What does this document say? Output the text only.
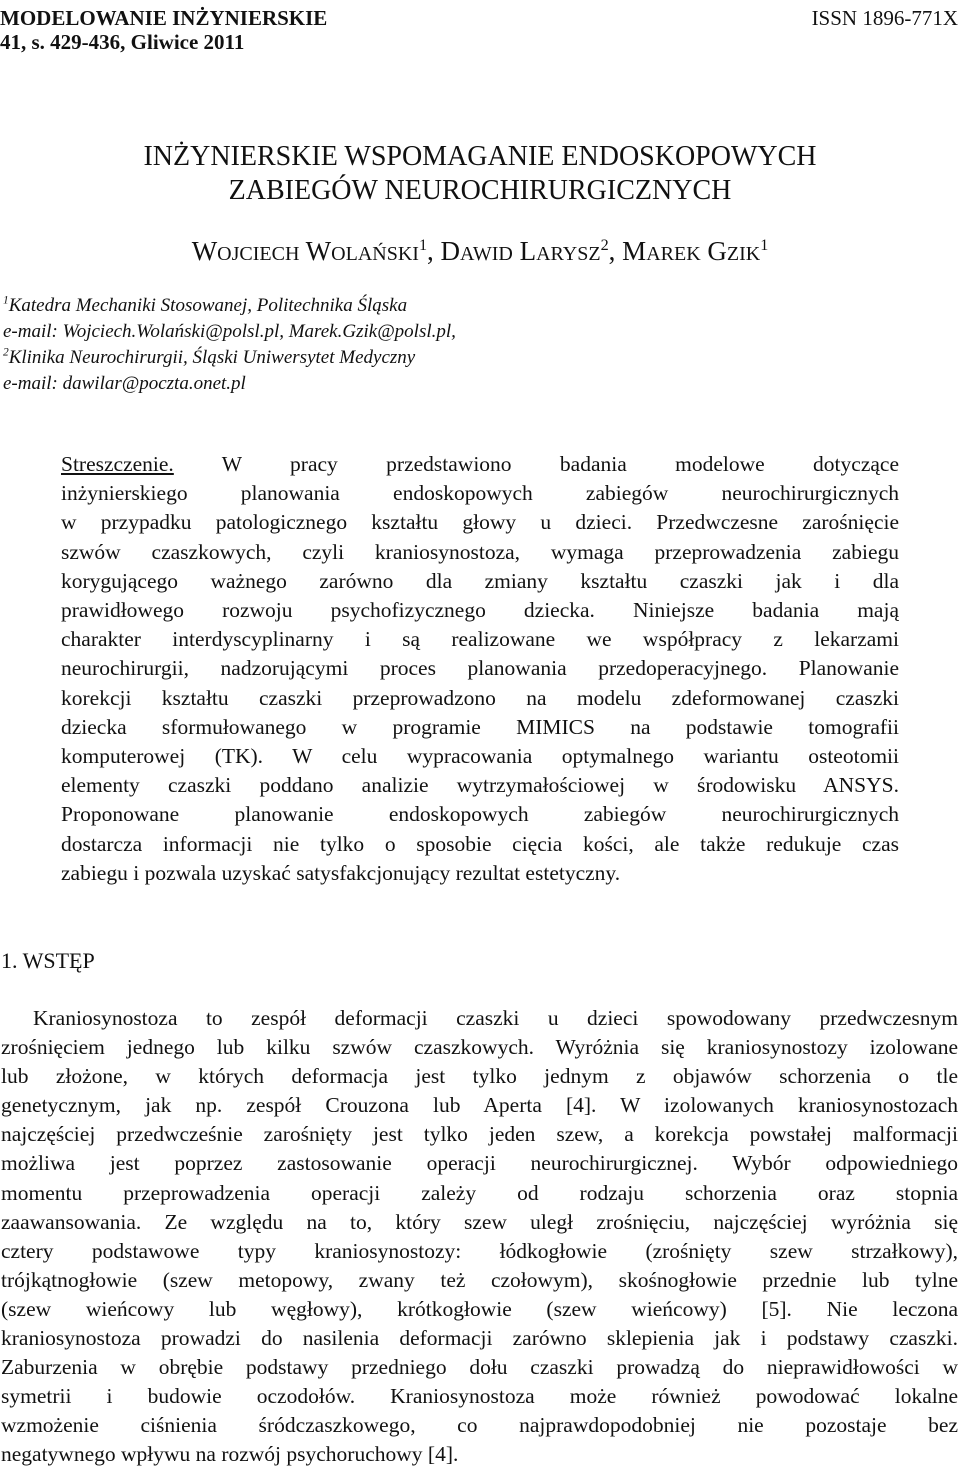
MODELOWANIE INŻYNIERSKIE
41, s. 429-436, Gliwice 2011
ISSN 1896-771X
INŻYNIERSKIE WSPOMAGANIE ENDOSKOPOWYCH
ZABIEGÓW NEUROCHIRURGICZNYCH
WOJCIECH WOLAŃSKI$^1$, DAWID LARYSZ$^2$, MAREK GZIK$^1$
$^1$Katedra Mechaniki Stosowanej, Politechnika Śląska
e-mail: Wojciech.Wolański@polsl.pl, Marek.Gzik@polsl.pl,
$^2$Klinika Neurochirurgii, Śląski Uniwersytet Medyczny
e-mail: dawilar@poczta.onet.pl
Streszczenie. W pracy przedstawiono badania modelowe dotyczące
inżynierskiego planowania endoskopowych zabiegów neurochirurgicznych
w przypadku patologicznego kształtu głowy u dzieci. Przedwczesne zarośnięcie
szwów czaszkowych, czyli kraniosynostoza, wymaga przeprowadzenia zabiegu
korygującego ważnego zarówno dla zmiany kształtu czaszki jak i dla
prawidłowego rozwoju psychofizycznego dziecka. Niniejsze badania mają
charakter interdyscyplinarny i są realizowane we współpracy z lekarzami
neurochirurgii, nadzorującymi proces planowania przedoperacyjnego. Planowanie
korekcji kształtu czaszki przeprowadzono na modelu zdeformowanej czaszki
dziecka sformułowanego w programie MIMICS na podstawie tomografii
komputerowej (TK). W celu wypracowania optymalnego wariantu osteotomii
elementy czaszki poddano analizie wytrzymałościowej w środowisku ANSYS.
Proponowane planowanie endoskopowych zabiegów neurochirurgicznych
dostarcza informacji nie tylko o sposobie cięcia kości, ale także redukuje czas
zabiegu i pozwala uzyskać satysfakcjonujący rezultat estetyczny.
1. WSTĘP
Kraniosynostoza to zespół deformacji czaszki u dzieci spowodowany przedwczesnym
zrośnięciem jednego lub kilku szwów czaszkowych. Wyróżnia się kraniosynostozy izolowane
lub złożone, w których deformacja jest tylko jednym z objawów schorzenia o tle
genetycznym, jak np. zespół Crouzona lub Aperta [4]. W izolowanych kraniosynostozach
najczęściej przedwcześnie zarośnięty jest tylko jeden szew, a korekcja powstałej malformacji
możliwa jest poprzez zastosowanie operacji neurochirurgicznej. Wybór odpowiedniego
momentu przeprowadzenia operacji zależy od rodzaju schorzenia oraz stopnia
zaawansowania. Ze względu na to, który szew uległ zrośnięciu, najczęściej wyróżnia się
cztery podstawowe typy kraniosynostozy: łódkogłowie (zrośnięty szew strzałkowy),
trójkątnogłowie (szew metopowy, zwany też czołowym), skośnogłowie przednie lub tylne
(szew wieńcowy lub węgłowy), krótkogłowie (szew wieńcowy) [5]. Nie leczona
kraniosynostoza prowadzi do nasilenia deformacji zarówno sklepienia jak i podstawy czaszki.
Zaburzenia w obrębie podstawy przedniego dołu czaszki prowadzą do nieprawidłowości w
symetrii i budowie oczodołów. Kraniosynostoza może również powodować lokalne
wzmożenie ciśnienia śródczaszkowego, co najprawdopodobniej nie pozostaje bez
negatywnego wpływu na rozwój psychoruchowy [4].
